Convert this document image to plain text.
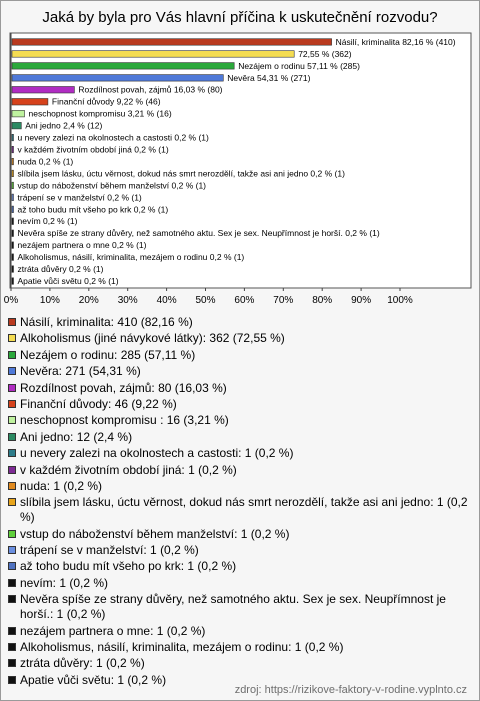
Jaká by byla pro Vás hlavní příčina k uskutečnění rozvodu?
Násilí, kriminalita 82,16 % (410)
72,55 % (362)
Nezájem o rodinu 57,11 % (285)
Nevěra 54,31 % (271)
Rozdílnost povah, zájmů 16,03 % (80)
Finanční důvody 9,22 % (46)
neschopnost kompromisu 3,21 % (16)
Ani jedno 2,4 % (12)
u nevery zalezi na okolnostech a castosti 0,2 % (1)
v každém životním období jiná 0,2 % (1)
nuda 0,2 % (1)
slíbila jsem lásku, úctu věrnost, dokud nás smrt nerozdělí, takže asi ani jedno 0,2 % (1)
vstup do náboženství během manželství 0,2 % (1)
trápení se v manželství 0,2 % (1)
až toho budu mít všeho po krk 0,2 % (1)
nevím 0,2 % (1)
Nevěra spíše ze strany důvěry, než samotného aktu. Sex je sex. Neupřímnost je horší. 0,2 % (1)
nezájem partnera o mne 0,2 % (1)
Alkoholismus, násilí, kriminalita, mezájem o rodinu 0,2 % (1)
ztráta důvěry 0,2 % (1)
Apatie vůči světu 0,2 % (1)
0% 10% 20% 30% 40% 50% 60% 70% 80% 90% 100%
Násilí, kriminalita: 410 (82,16 %)
Alkoholismus (jiné návykové látky): 362 (72,55 %)
Nezájem o rodinu: 285 (57,11 %)
Nevěra: 271 (54,31 %)
Rozdílnost povah, zájmů: 80 (16,03 %)
Finanční důvody: 46 (9,22 %)
neschopnost kompromisu : 16 (3,21 %)
Ani jedno: 12 (2,4 %)
u nevery zalezi na okolnostech a castosti: 1 (0,2 %)
v každém životním období jiná: 1 (0,2 %)
nuda: 1 (0,2 %)
slíbila jsem lásku, úctu věrnost, dokud nás smrt nerozdělí, takže asi ani jedno: 1 (0,2 %)
vstup do náboženství během manželství: 1 (0,2 %)
trápení se v manželství: 1 (0,2 %)
až toho budu mít všeho po krk: 1 (0,2 %)
nevím: 1 (0,2 %)
Nevěra spíše ze strany důvěry, než samotného aktu. Sex je sex. Neupřímnost je horší.: 1 (0,2 %)
nezájem partnera o mne: 1 (0,2 %)
Alkoholismus, násilí, kriminalita, mezájem o rodinu: 1 (0,2 %)
ztráta důvěry: 1 (0,2 %)
Apatie vůči světu: 1 (0,2 %)
zdroj: https://rizikove-faktory-v-rodine.vyplnto.cz
